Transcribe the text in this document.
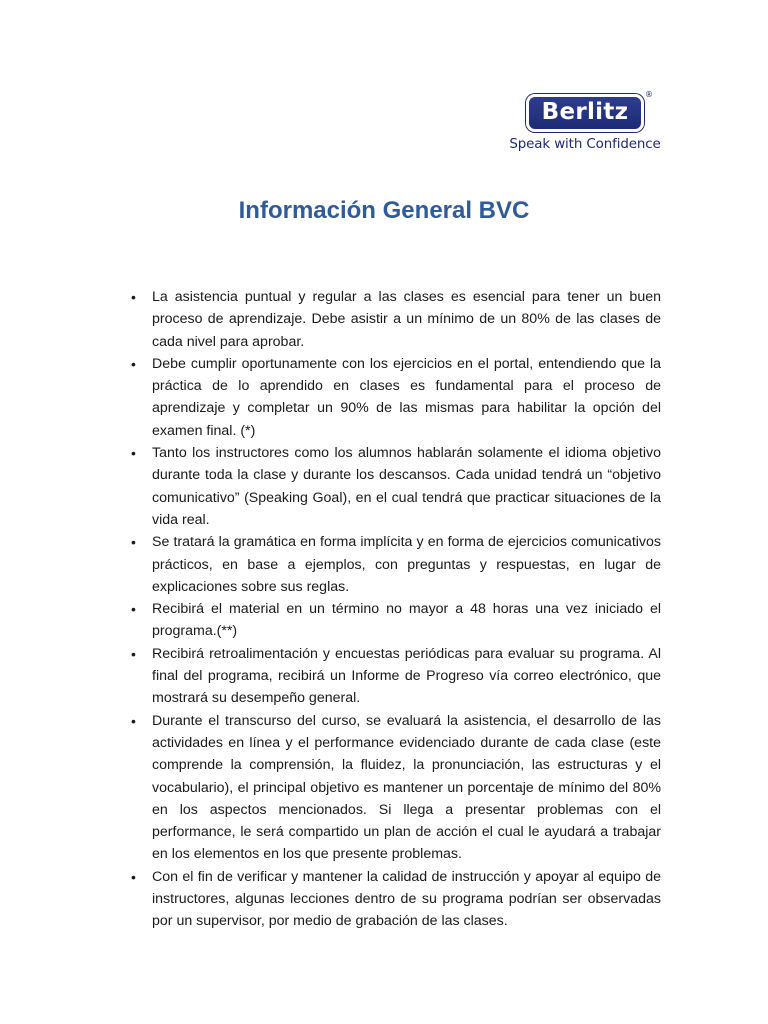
Berlitz
®
Speak with Confidence
Información General BVC
• La asistencia puntual y regular a las clases es esencial para tener un buen proceso de aprendizaje. Debe asistir a un mínimo de un 80% de las clases de cada nivel para aprobar.
• Debe cumplir oportunamente con los ejercicios en el portal, entendiendo que la práctica de lo aprendido en clases es fundamental para el proceso de aprendizaje y completar un 90% de las mismas para habilitar la opción del examen final. (*)
• Tanto los instructores como los alumnos hablarán solamente el idioma objetivo durante toda la clase y durante los descansos. Cada unidad tendrá un “objetivo comunicativo” (Speaking Goal), en el cual tendrá que practicar situaciones de la vida real.
• Se tratará la gramática en forma implícita y en forma de ejercicios comunicativos prácticos, en base a ejemplos, con preguntas y respuestas, en lugar de explicaciones sobre sus reglas.
• Recibirá el material en un término no mayor a 48 horas una vez iniciado el programa.(**)
• Recibirá retroalimentación y encuestas periódicas para evaluar su programa. Al final del programa, recibirá un Informe de Progreso vía correo electrónico, que mostrará su desempeño general.
• Durante el transcurso del curso, se evaluará la asistencia, el desarrollo de las actividades en línea y el performance evidenciado durante de cada clase (este comprende la comprensión, la fluidez, la pronunciación, las estructuras y el vocabulario), el principal objetivo es mantener un porcentaje de mínimo del 80% en los aspectos mencionados. Si llega a presentar problemas con el performance, le será compartido un plan de acción el cual le ayudará a trabajar en los elementos en los que presente problemas.
• Con el fin de verificar y mantener la calidad de instrucción y apoyar al equipo de instructores, algunas lecciones dentro de su programa podrían ser observadas por un supervisor, por medio de grabación de las clases.
